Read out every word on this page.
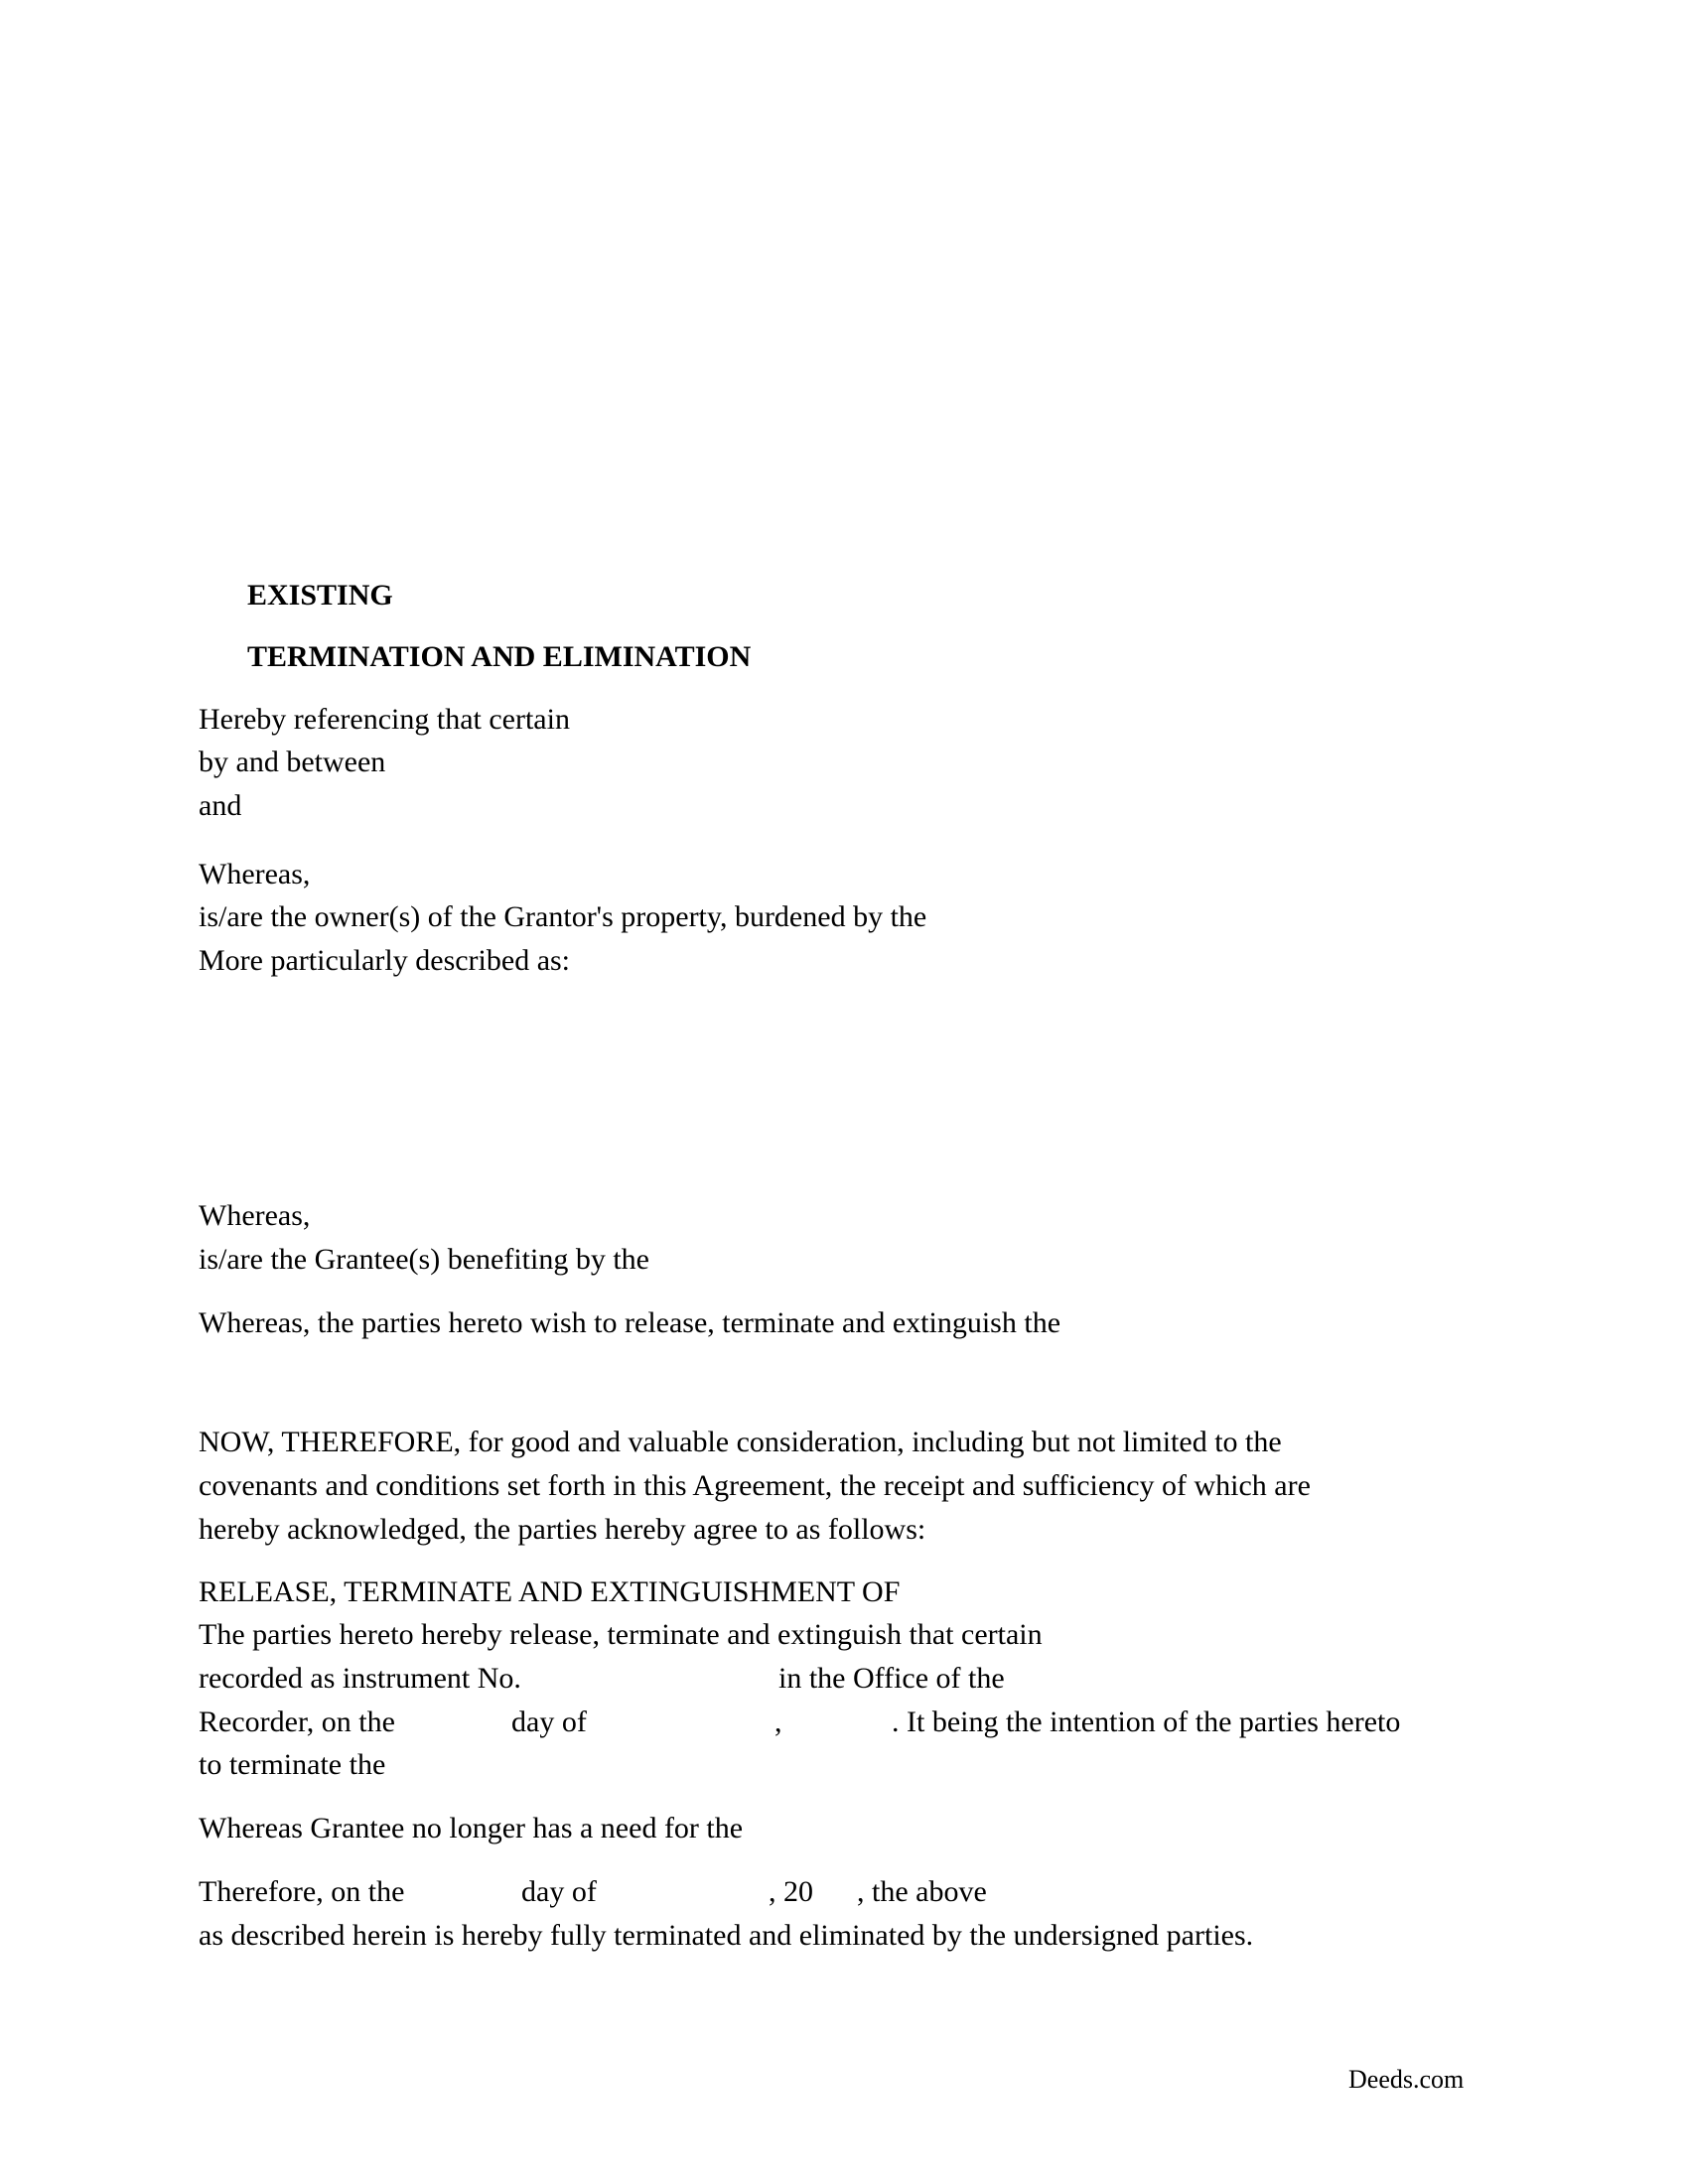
EXISTING

TERMINATION AND ELIMINATION

Hereby referencing that certain

by and between

and

Whereas,

is/are the owner(s) of the Grantor's property, burdened by the

More particularly described as:

Whereas,

is/are the Grantee(s) benefiting by the

Whereas, the parties hereto wish to release, terminate and extinguish the

NOW, THEREFORE, for good and valuable consideration, including but not limited to the

covenants and conditions set forth in this Agreement, the receipt and sufficiency of which are

hereby acknowledged, the parties hereby agree to as follows:

RELEASE, TERMINATE AND EXTINGUISHMENT OF

The parties hereto hereby release, terminate and extinguish that certain

recorded as instrument No.	in the Office of the

Recorder, on the	day of	,	. It being the intention of the parties hereto

to terminate the

Whereas Grantee no longer has a need for the

Therefore, on the	day of	, 20 , the above

as described herein is hereby fully terminated and eliminated by the undersigned parties.

Deeds.com
